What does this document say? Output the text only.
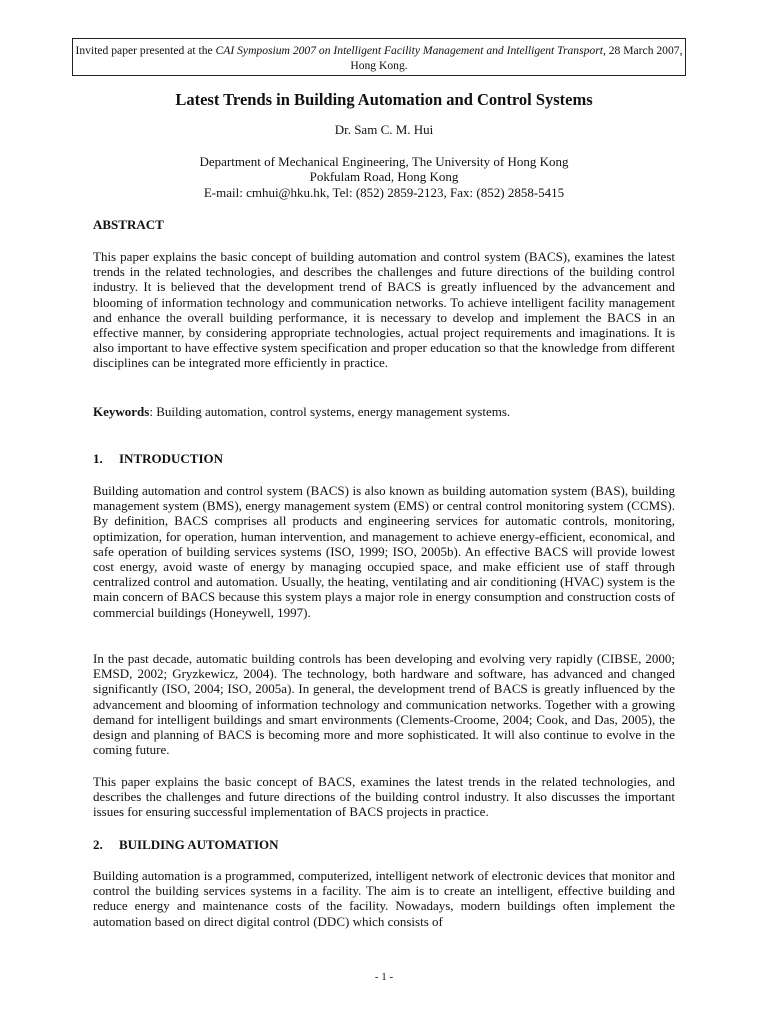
Invited paper presented at the CAI Symposium 2007 on Intelligent Facility Management and Intelligent Transport, 28 March 2007, Hong Kong.
Latest Trends in Building Automation and Control Systems
Dr. Sam C. M. Hui
Department of Mechanical Engineering, The University of Hong Kong
Pokfulam Road, Hong Kong
E-mail: cmhui@hku.hk, Tel: (852) 2859-2123, Fax: (852) 2858-5415
ABSTRACT
This paper explains the basic concept of building automation and control system (BACS), examines the latest trends in the related technologies, and describes the challenges and future directions of the building control industry. It is believed that the development trend of BACS is greatly influenced by the advancement and blooming of information technology and communication networks. To achieve intelligent facility management and enhance the overall building performance, it is necessary to develop and implement the BACS in an effective manner, by considering appropriate technologies, actual project requirements and imaginations. It is also important to have effective system specification and proper education so that the knowledge from different disciplines can be integrated more efficiently in practice.
Keywords: Building automation, control systems, energy management systems.
1. INTRODUCTION
Building automation and control system (BACS) is also known as building automation system (BAS), building management system (BMS), energy management system (EMS) or central control monitoring system (CCMS). By definition, BACS comprises all products and engineering services for automatic controls, monitoring, optimization, for operation, human intervention, and management to achieve energy-efficient, economical, and safe operation of building services systems (ISO, 1999; ISO, 2005b). An effective BACS will provide lowest cost energy, avoid waste of energy by managing occupied space, and make efficient use of staff through centralized control and automation. Usually, the heating, ventilating and air conditioning (HVAC) system is the main concern of BACS because this system plays a major role in energy consumption and construction costs of commercial buildings (Honeywell, 1997).
In the past decade, automatic building controls has been developing and evolving very rapidly (CIBSE, 2000; EMSD, 2002; Gryzkewicz, 2004). The technology, both hardware and software, has advanced and changed significantly (ISO, 2004; ISO, 2005a). In general, the development trend of BACS is greatly influenced by the advancement and blooming of information technology and communication networks. Together with a growing demand for intelligent buildings and smart environments (Clements-Croome, 2004; Cook, and Das, 2005), the design and planning of BACS is becoming more and more sophisticated. It will also continue to evolve in the coming future.
This paper explains the basic concept of BACS, examines the latest trends in the related technologies, and describes the challenges and future directions of the building control industry. It also discusses the important issues for ensuring successful implementation of BACS projects in practice.
2. BUILDING AUTOMATION
Building automation is a programmed, computerized, intelligent network of electronic devices that monitor and control the building services systems in a facility. The aim is to create an intelligent, effective building and reduce energy and maintenance costs of the facility. Nowadays, modern buildings often implement the automation based on direct digital control (DDC) which consists of
- 1 -
